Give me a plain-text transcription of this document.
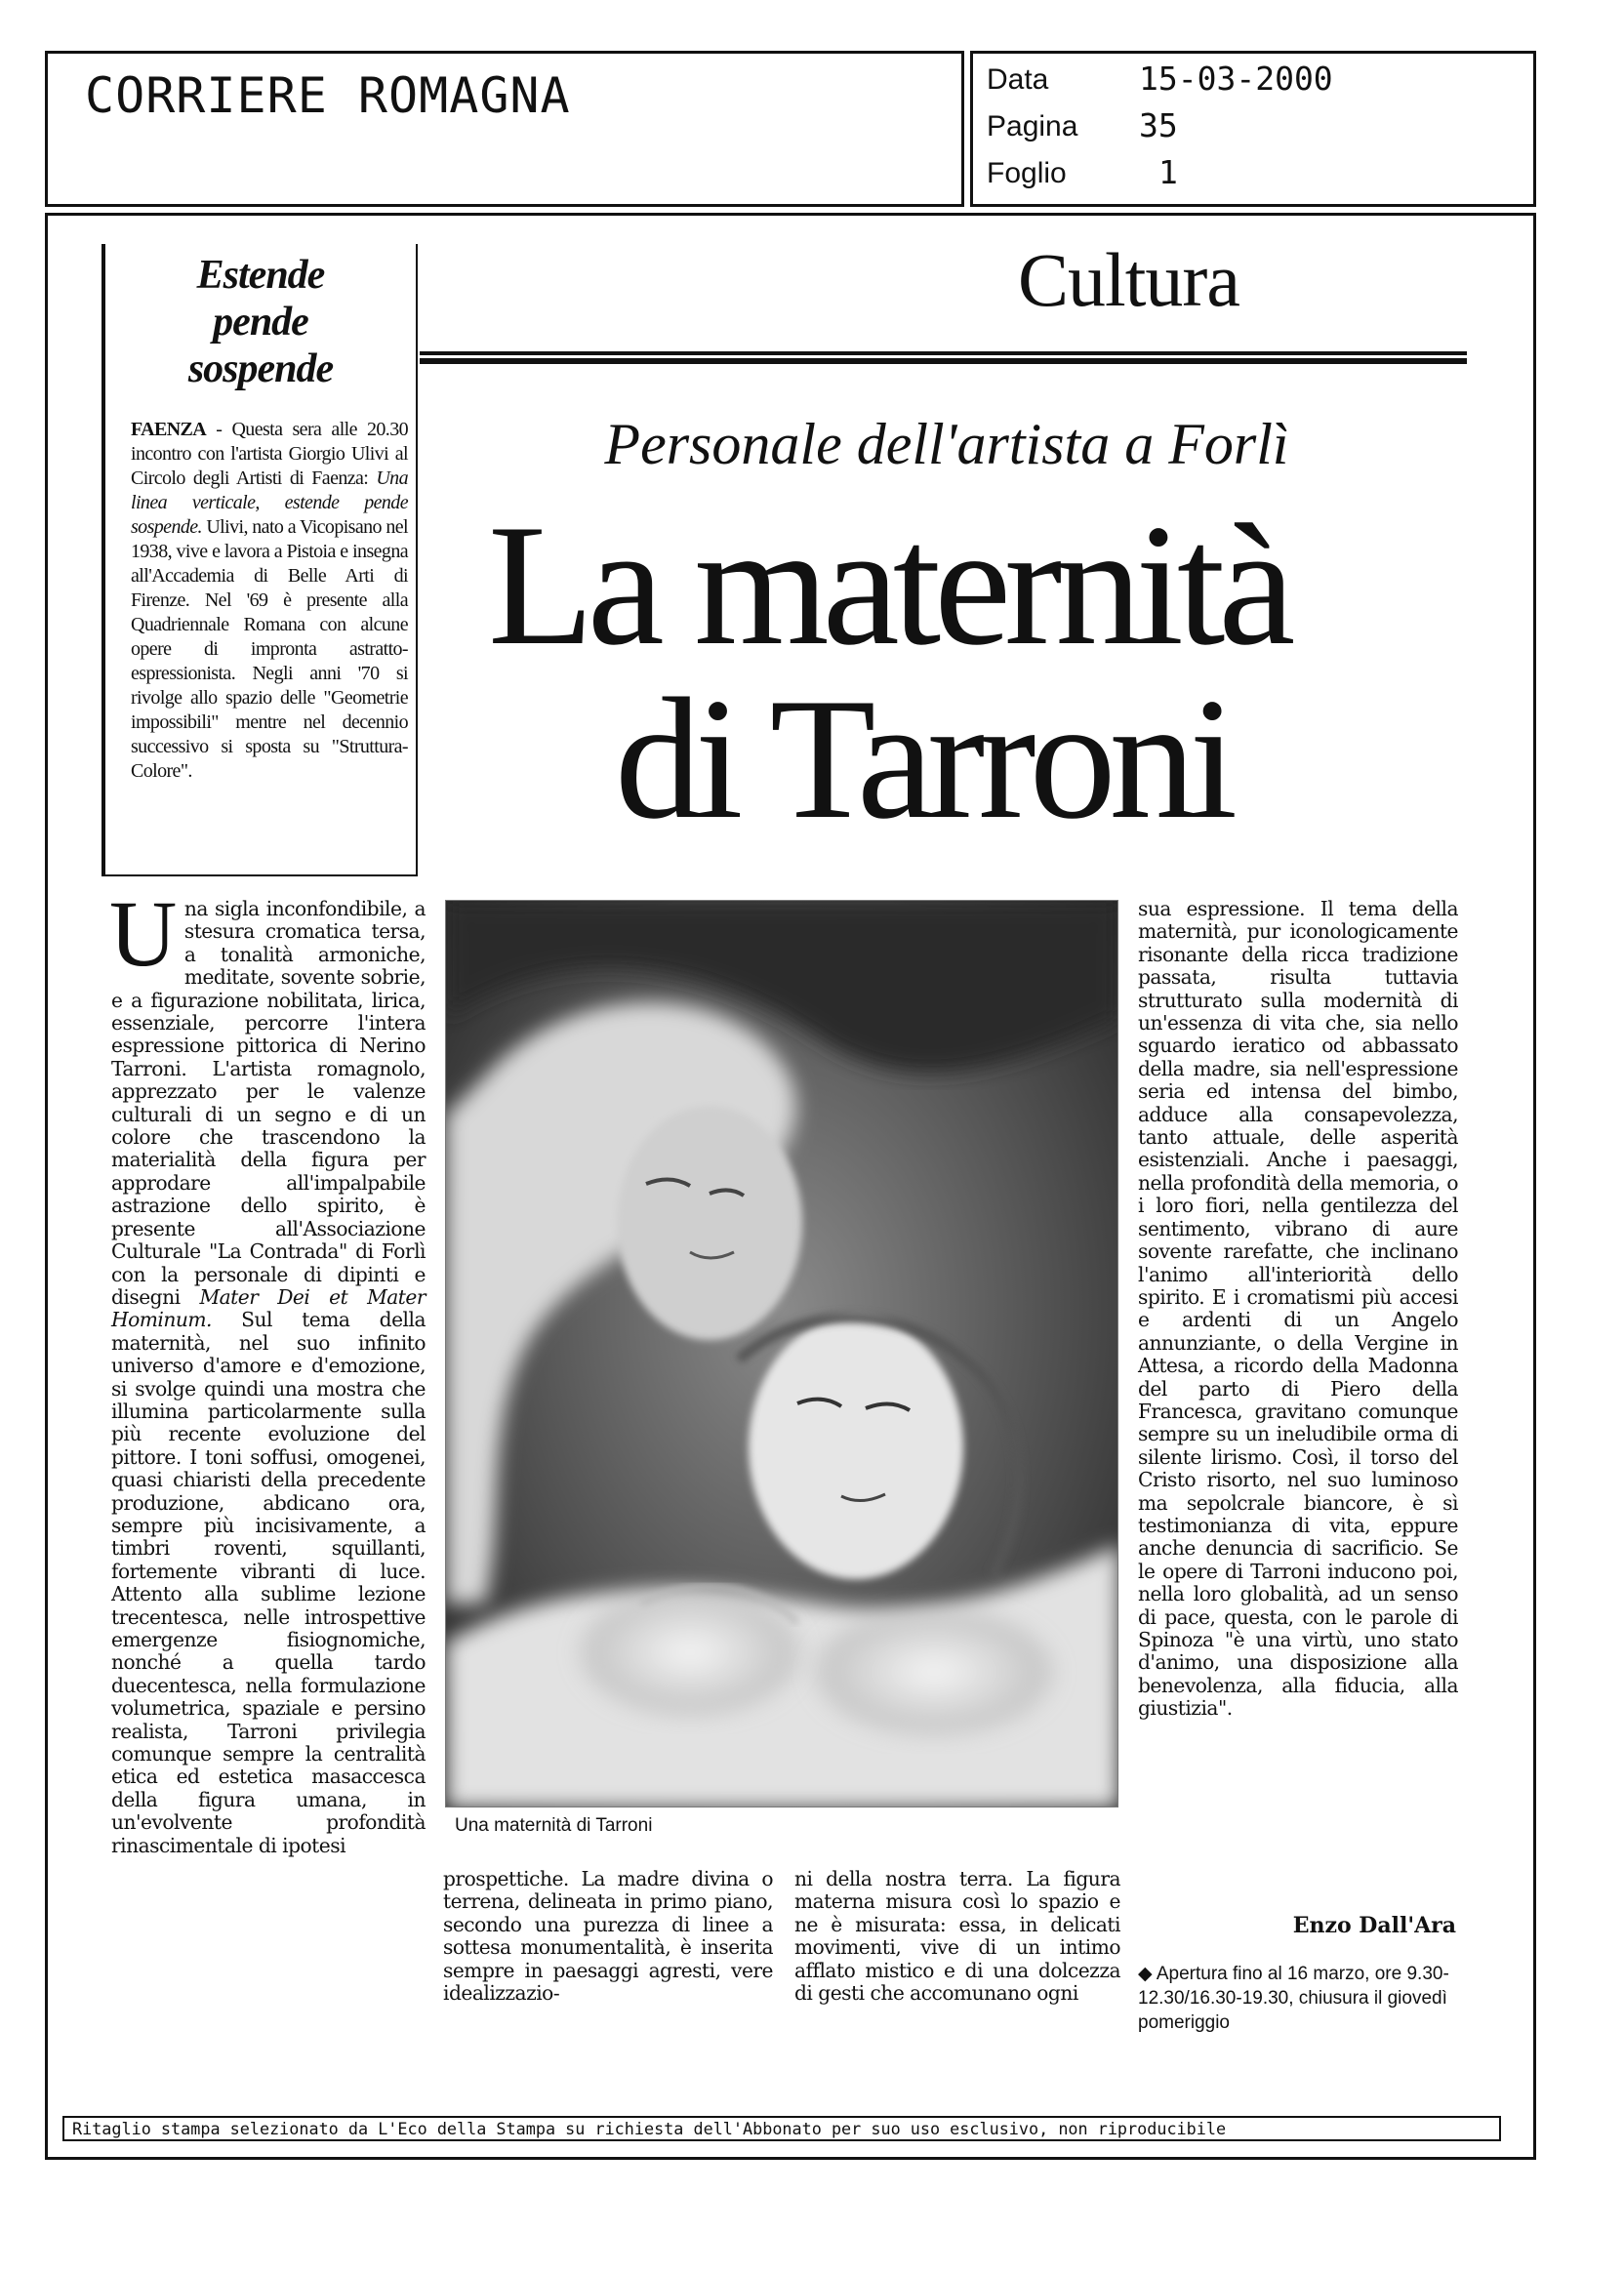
CORRIERE ROMAGNA	Data	15-03-2000
Pagina 35
Foglio	1
Estende
pende
sospende
FAENZA - Questa sera alle 20.30 incontro con l'artista Giorgio Ulivi al Circolo degli Artisti di Faenza: Una linea verticale, estende pende sospende. Ulivi, nato a Vicopisano nel 1938, vive e lavora a Pistoia e insegna all'Accademia di Belle Arti di Firenze. Nel '69 è presente alla Quadriennale Romana con alcune opere di impronta astratto-espressionista. Negli anni '70 si rivolge allo spazio delle "Geometrie impossibili" mentre nel decennio successivo si sposta su "Struttura-Colore".
Cultura
Personale dell'artista a Forlì
La maternità
di Tarroni

Una sigla inconfondibile, a stesura cromatica tersa, a tonalità armoniche, meditate, sovente sobrie, e a figurazione nobilitata, lirica, essenziale, percorre l'intera espressione pittorica di Nerino Tarroni. L'artista romagnolo, apprezzato per le valenze culturali di un segno e di un colore che trascendono la materialità della figura per approdare all'impalpabile astrazione dello spirito, è presente all'Associazione Culturale "La Contrada" di Forlì con la personale di dipinti e disegni Mater Dei et Mater Hominum. Sul tema della maternità, nel suo infinito universo d'amore e d'emozione, si svolge quindi una mostra che illumina particolarmente sulla più recente evoluzione del pittore. I toni soffusi, omogenei, quasi chiaristi della precedente produzione, abdicano ora, sempre più incisivamente, a timbri roventi, squillanti, fortemente vibranti di luce. Attento alla sublime lezione trecentesca, nelle introspettive emergenze fisiognomiche, nonché a quella tardo duecentesca, nella formulazione volumetrica, spaziale e persino realista, Tarroni privilegia comunque sempre la centralità etica ed estetica masaccesca della figura umana, in un'evolvente profondità rinascimentale di ipotesi

Una maternità di Tarroni

prospettiche. La madre divina o terrena, delineata in primo piano, secondo una purezza di linee a sottesa monumentalità, è inserita sempre in paesaggi agresti, vere idealizzazio-

ni della nostra terra. La figura materna misura così lo spazio e ne è misurata: essa, in delicati movimenti, vive di un intimo afflato mistico e di una dolcezza di gesti che accomunano ogni

sua espressione. Il tema della maternità, pur iconologicamente risonante della ricca tradizione passata, risulta tuttavia strutturato sulla modernità di un'essenza di vita che, sia nello sguardo ieratico od abbassato della madre, sia nell'espressione seria ed intensa del bimbo, adduce alla consapevolezza, tanto attuale, delle asperità esistenziali. Anche i paesaggi, nella profondità della memoria, o i loro fiori, nella gentilezza del sentimento, vibrano di aure sovente rarefatte, che inclinano l'animo all'interiorità dello spirito. E i cromatismi più accesi e ardenti di un Angelo annunziante, o della Vergine in Attesa, a ricordo della Madonna del parto di Piero della Francesca, gravitano comunque sempre su un ineludibile orma di silente lirismo. Così, il torso del Cristo risorto, nel suo luminoso ma sepolcrale biancore, è sì testimonianza di vita, eppure anche denuncia di sacrificio. Se le opere di Tarroni inducono poi, nella loro globalità, ad un senso di pace, questa, con le parole di Spinoza "è una virtù, uno stato d'animo, una disposizione alla benevolenza, alla fiducia, alla giustizia".

Enzo Dall'Ara
◆ Apertura fino al 16 marzo, ore 9.30-12.30/16.30-19.30, chiusura il giovedì pomeriggio
Ritaglio stampa selezionato da L'Eco della Stampa su richiesta dell'Abbonato per suo uso esclusivo, non riproducibile
